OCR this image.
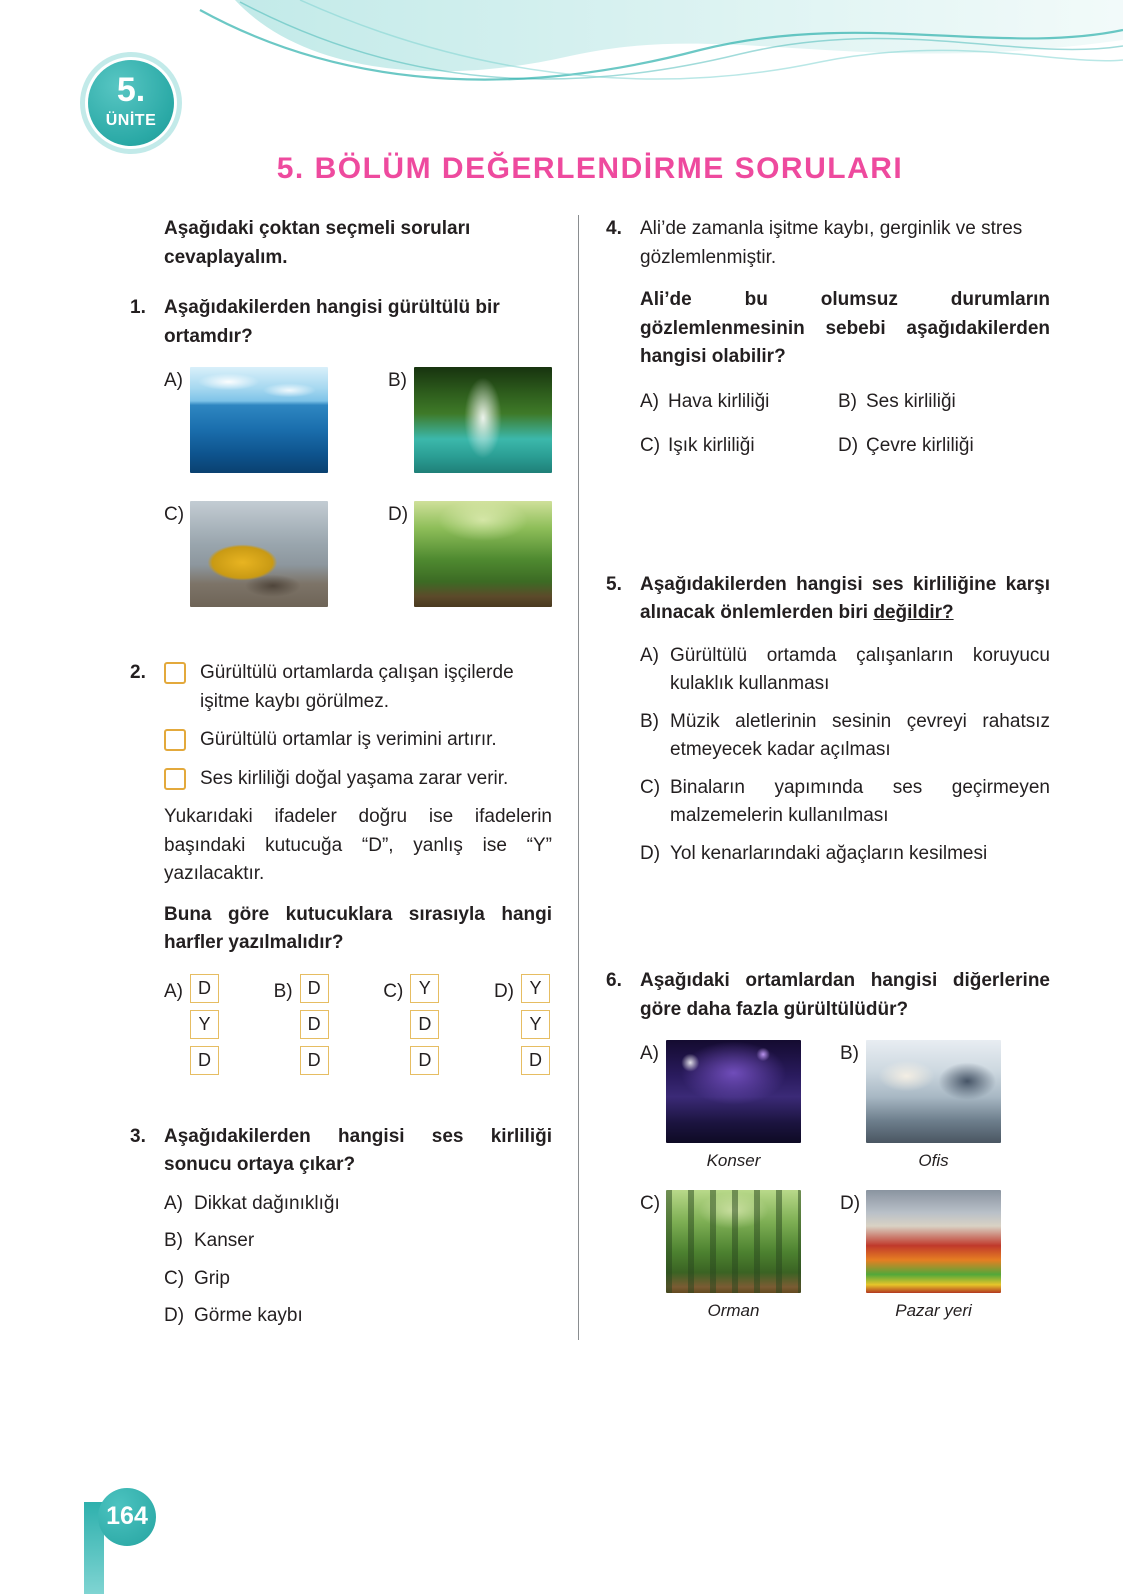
5.
ÜNİTE
5. BÖLÜM DEĞERLENDİRME SORULARI

Aşağıdaki çoktan seçmeli soruları cevaplayalım.

1. Aşağıdakilerden hangisi gürültülü bir ortamdır?

A)	B)
C)	D)
2.	Gürültülü ortamlarda çalışan işçilerde işitme kaybı görülmez.
Gürültülü ortamlar iş verimini artırır.
Ses kirliliği doğal yaşama zarar verir.

Yukarıdaki ifadeler doğru ise ifadelerin başındaki kutucuğa “D”, yanlış ise “Y” yazılacaktır.

Buna göre kutucuklara sırasıyla hangi harfler yazılmalıdır?

A) D
Y
D
B) D
D
D
C) Y
D
D
D) Y
Y
D
3. Aşağıdakilerden hangisi ses kirliliği sonucu ortaya çıkar?

A) Dikkat dağınıklığı
B) Kanser
C) Grip
D) Görme kaybı
4. Ali’de zamanla işitme kaybı, gerginlik ve stres gözlemlenmiştir.

Ali’de bu olumsuz durumların gözlemlenmesinin sebebi aşağıdakilerden hangisi olabilir?

A) Hava kirliliği	B) Ses kirliliği
C) Işık kirliliği	D) Çevre kirliliği
5. Aşağıdakilerden hangisi ses kirliliğine karşı alınacak önlemlerden biri değildir?

A) Gürültülü ortamda çalışanların koruyucu kulaklık kullanması
B) Müzik aletlerinin sesinin çevreyi rahatsız etmeyecek kadar açılması
C) Binaların yapımında ses geçirmeyen malzemelerin kullanılması
D) Yol kenarlarındaki ağaçların kesilmesi
6. Aşağıdaki ortamlardan hangisi diğerlerine göre daha fazla gürültülüdür?

A)
Konser
B)
Ofis
C)
Orman
D)
Pazar yeri
164
